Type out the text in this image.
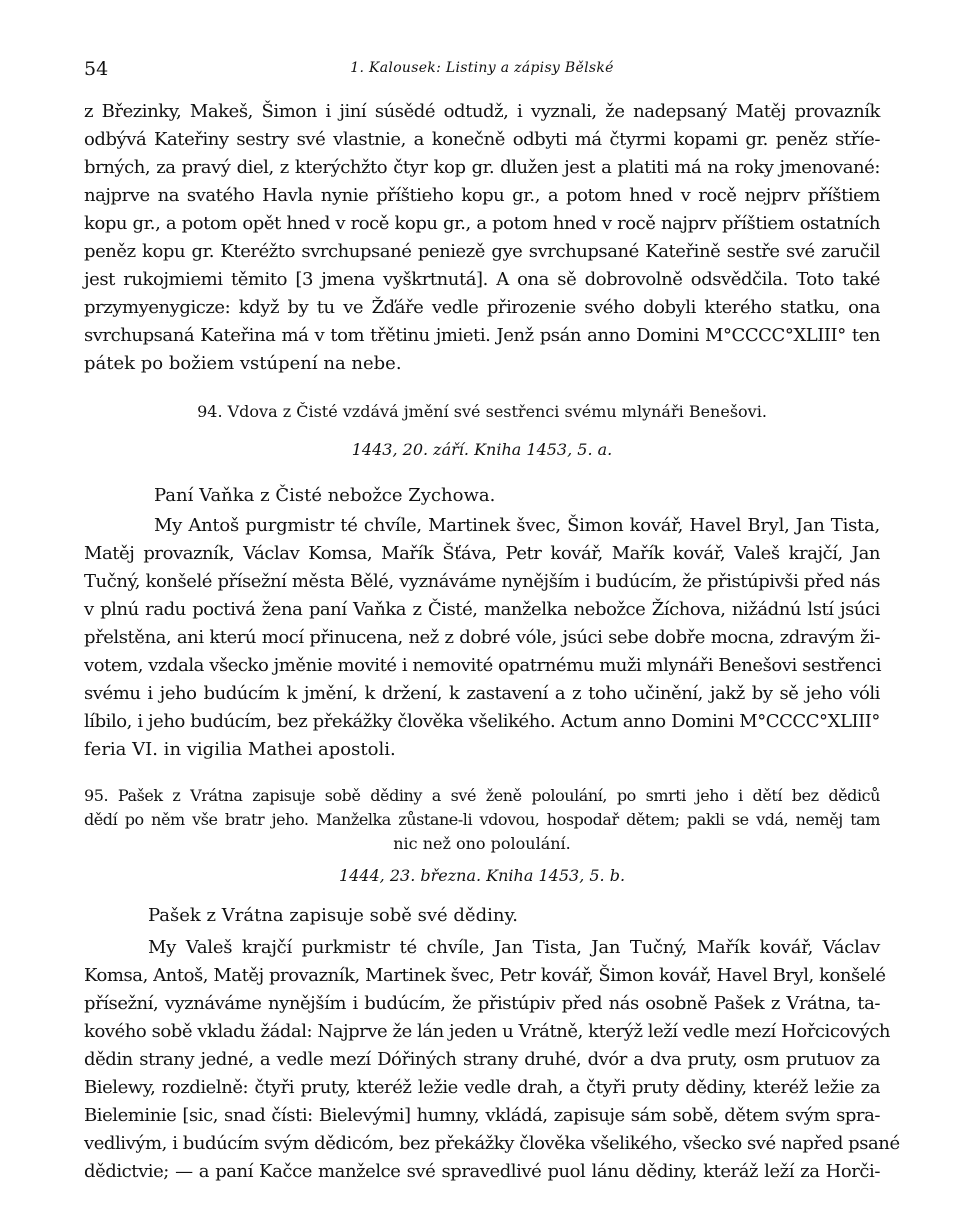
54	1. Kalousek: Listiny a zápisy Bělské
z Březinky, Makeš, Šimon i jiní súsědé odtudž, i vyznali, že nadepsaný Matěj provazník
odbývá Kateřiny sestry své vlastnie, a konečně odbyti má čtyrmi kopami gr. peněz stříe-
brných, za pravý diel, z kterýchžto čtyr kop gr. dlužen jest a platiti má na roky jmenované:
najprve na svatého Havla nynie příštieho kopu gr., a potom hned v rocě nejprv příštiem
kopu gr., a potom opět hned v rocě kopu gr., a potom hned v rocě najprv příštiem ostatních
peněz kopu gr. Kteréžto svrchupsané peniezě gye svrchupsané Kateřině sestře své zaručil
jest rukojmiemi těmito [3 jmena vyškrtnutá]. A ona sě dobrovolně odsvědčila. Toto také
przymyenygicze: když by tu ve Žďáře vedle přirozenie svého dobyli kterého statku, ona
svrchupsaná Kateřina má v tom třětinu jmieti. Jenž psán anno Domini M°CCCC°XLIII° ten
pátek po božiem vstúpení na nebe.
94. Vdova z Čisté vzdává jmění své sestřenci svému mlynáři Benešovi.
1443, 20. září. Kniha 1453, 5. a.
Paní Vaňka z Čisté nebožce Zychowa.
My Antoš purgmistr té chvíle, Martinek švec, Šimon kovář, Havel Bryl, Jan Tista,
Matěj provazník, Václav Komsa, Mařík Šťáva, Petr kovář, Mařík kovář, Valeš krajčí, Jan
Tučný, konšelé přísežní města Bělé, vyznáváme nynějším i budúcím, že přistúpivši před nás
v plnú radu poctivá žena paní Vaňka z Čisté, manželka nebožce Žíchova, nižádnú lstí jsúci
přelstěna, ani kterú mocí přinucena, než z dobré vóle, jsúci sebe dobře mocna, zdravým ži-
votem, vzdala všecko jměnie movité i nemovité opatrnému muži mlynáři Benešovi sestřenci
svému i jeho budúcím k jmění, k držení, k zastavení a z toho učinění, jakž by sě jeho vóli
líbilo, i jeho budúcím, bez překážky člověka všelikého. Actum anno Domini M°CCCC°XLIII°
feria VI. in vigilia Mathei apostoli.
95. Pašek z Vrátna zapisuje sobě dědiny a své ženě poloulání, po smrti jeho i dětí bez dědiců
dědí po něm vše bratr jeho. Manželka zůstane-li vdovou, hospodař dětem; pakli se vdá, neměj tam
nic než ono poloulání.
1444, 23. března. Kniha 1453, 5. b.
Pašek z Vrátna zapisuje sobě své dědiny.
My Valeš krajčí purkmistr té chvíle, Jan Tista, Jan Tučný, Mařík kovář, Václav
Komsa, Antoš, Matěj provazník, Martinek švec, Petr kovář, Šimon kovář, Havel Bryl, konšelé
přísežní, vyznáváme nynějším i budúcím, že přistúpiv před nás osobně Pašek z Vrátna, ta-
kového sobě vkladu žádal: Najprve že lán jeden u Vrátně, kterýž leží vedle mezí Hořcicových
dědin strany jedné, a vedle mezí Dóřiných strany druhé, dvór a dva pruty, osm prutuov za
Bielewy, rozdielně: čtyři pruty, kteréž ležie vedle drah, a čtyři pruty dědiny, kteréž ležie za
Bieleminie [sic, snad čísti: Bielevými] humny, vkládá, zapisuje sám sobě, dětem svým spra-
vedlivým, i budúcím svým dědicóm, bez překážky člověka všelikého, všecko své napřed psané
dědictvie; — a paní Kačce manželce své spravedlivé puol lánu dědiny, kteráž leží za Horči-
